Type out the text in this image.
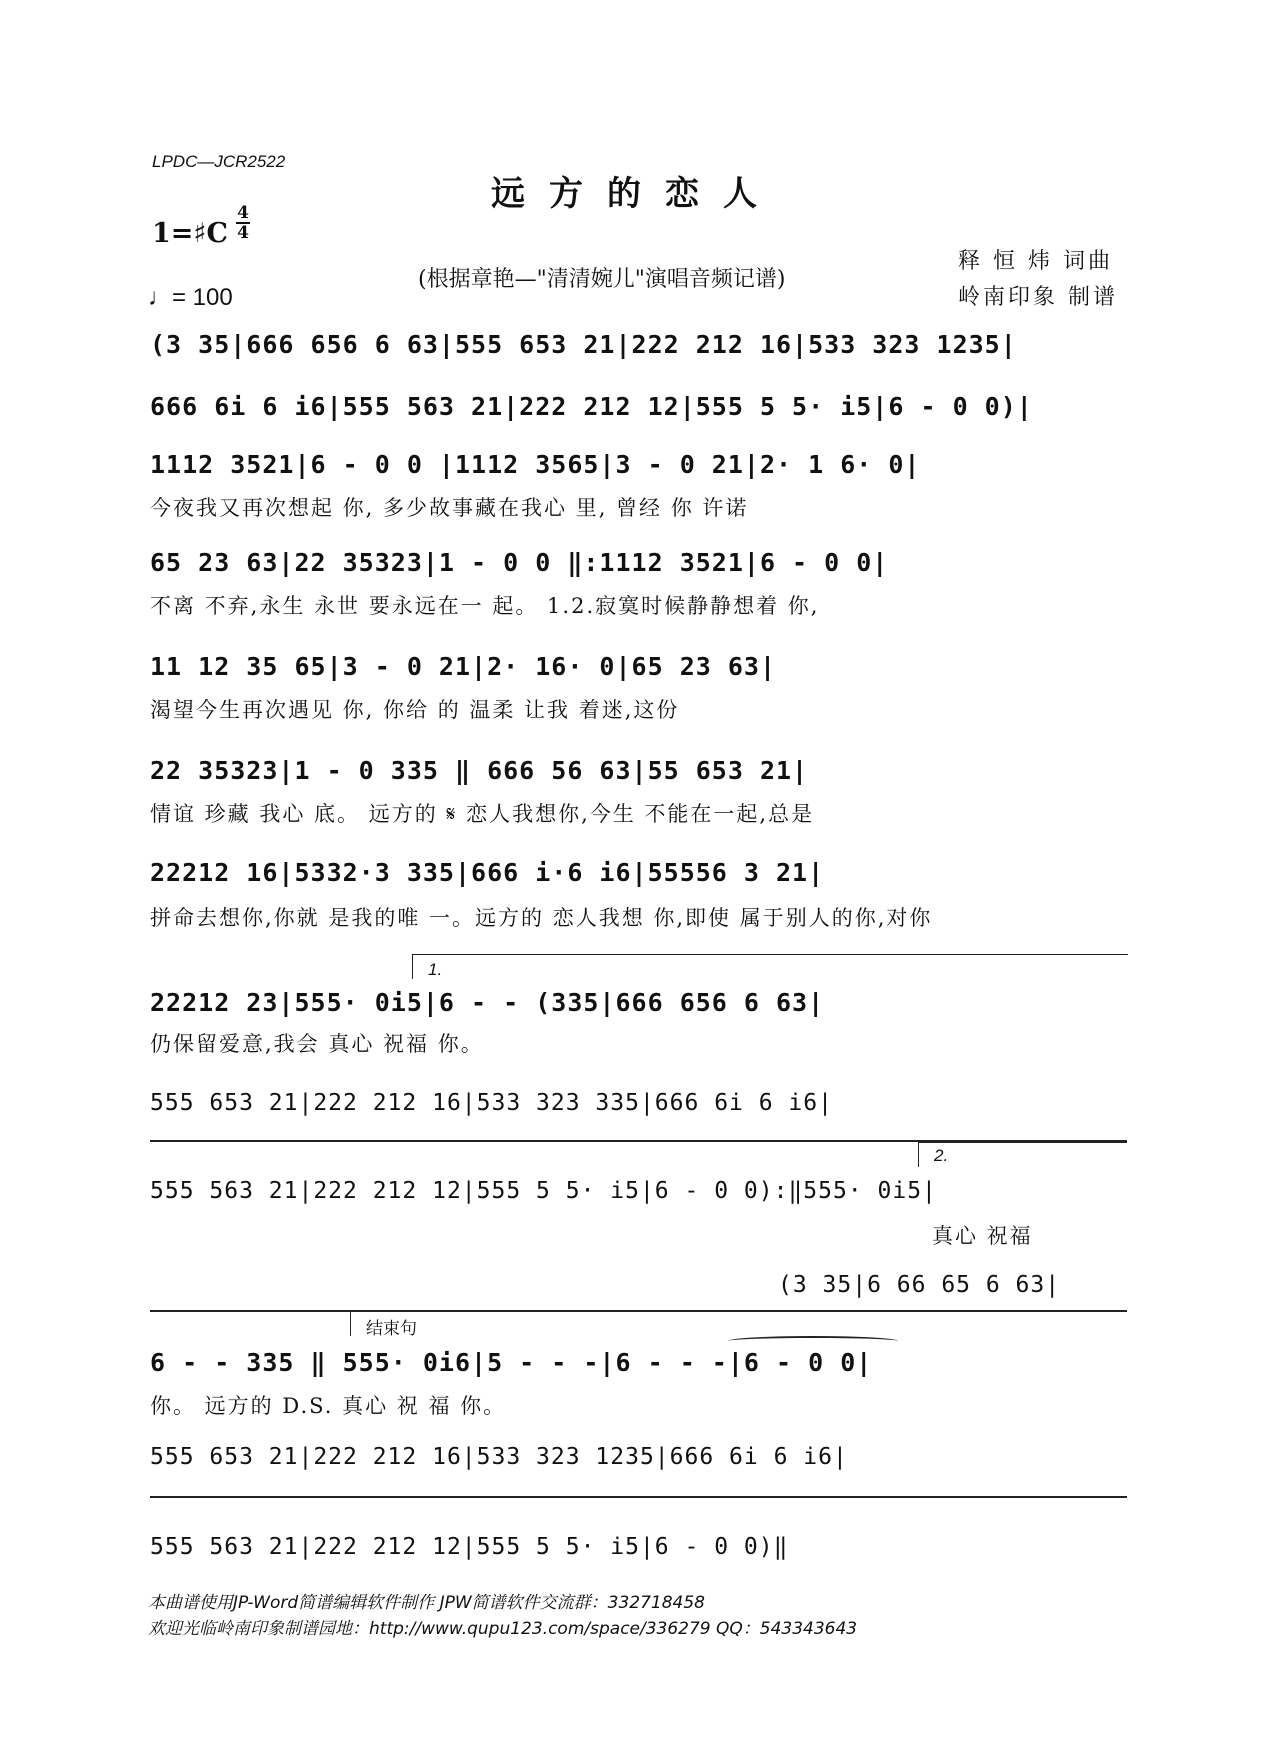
LPDC—JCR2522
远方的恋人
1=♯C
4
4
♩= 100
(根据章艳—"清清婉儿"演唱音频记谱)
释 恒 炜 词曲
岭南印象 制谱
(3 35|666 656 6 63|555 653 21|222 212 16|533 323 1235|
666 6i 6 i6|555 563 21|222 212 12|555 5 5· i5|6 - 0 0)|
1112 3521|6 - 0 0 |1112 3565|3 - 0 21|2· 1 6· 0|
今夜我又再次想起 你, 多少故事藏在我心 里, 曾经 你 许诺
65 23 63|22 35323|1 - 0 0 ‖:1112 3521|6 - 0 0|
不离 不弃,永生 永世 要永远在一 起。 1.2.寂寞时候静静想着 你,
11 12 35 65|3 - 0 21|2· 16· 0|65 23 63|
渴望今生再次遇见 你, 你给 的 温柔 让我 着迷,这份
22 35323|1 - 0 335 ‖ 666 56 63|55 653 21|
情谊 珍藏 我心 底。 远方的 𝄋 恋人我想你,今生 不能在一起,总是
22212 16|5332·3 335|666 i·6 i6|55556 3 21|
拼命去想你,你就 是我的唯 一。远方的 恋人我想 你,即使 属于别人的你,对你
1.
22212 23|555· 0i5|6 - - (335|666 656 6 63|
仍保留爱意,我会 真心 祝福 你。
555 653 21|222 212 16|533 323 335|666 6i 6 i6|
2.
555 563 21|222 212 12|555 5 5· i5|6 - 0 0):‖555· 0i5|
真心 祝福
(3 35|6 66 65 6 63|
结束句
6 - - 335 ‖ 555· 0i6|5 - - -|6 - - -|6 - 0 0|
你。 远方的 D.S. 真心 祝 福 你。
555 653 21|222 212 16|533 323 1235|666 6i 6 i6|
555 563 21|222 212 12|555 5 5· i5|6 - 0 0)‖
本曲谱使用JP-Word简谱编辑软件制作 JPW简谱软件交流群：332718458
欢迎光临岭南印象制谱园地：http://www.qupu123.com/space/336279 QQ：543343643
